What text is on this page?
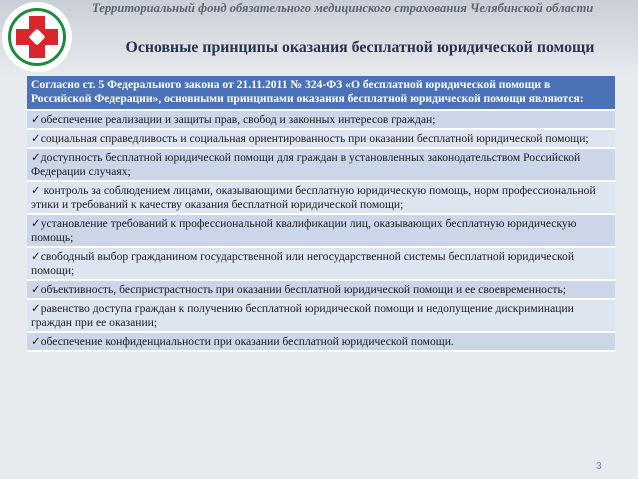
Территориальный фонд обязательного медицинского страхования Челябинской области
Основные принципы оказания бесплатной юридической помощи
Согласно ст. 5 Федерального закона от 21.11.2011 № 324-ФЗ «О бесплатной юридической помощи в Российской Федерации», основными принципами оказания бесплатной юридической помощи являются:
✓обеспечение реализации и защиты прав, свобод и законных интересов граждан;
✓социальная справедливость и социальная ориентированность при оказании бесплатной юридической помощи;
✓доступность бесплатной юридической помощи для граждан в установленных законодательством Российской Федерации случаях;
✓ контроль за соблюдением лицами, оказывающими бесплатную юридическую помощь, норм профессиональной этики и требований к качеству оказания бесплатной юридической помощи;
✓установление требований к профессиональной квалификации лиц, оказывающих бесплатную юридическую помощь;
✓свободный выбор гражданином государственной или негосударственной системы бесплатной юридической помощи;
✓объективность, беспристрастность при оказании бесплатной юридической помощи и ее своевременность;
✓равенство доступа граждан к получению бесплатной юридической помощи и недопущение дискриминации граждан при ее оказании;
✓обеспечение конфиденциальности при оказании бесплатной юридической помощи.
3
